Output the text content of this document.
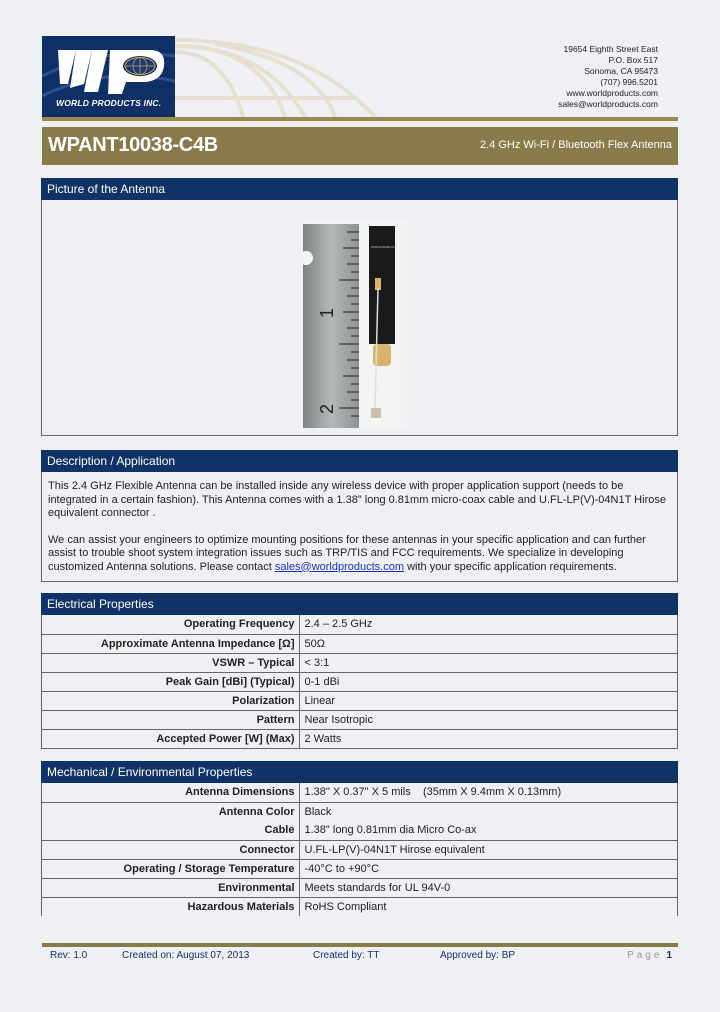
WORLD PRODUCTS INC.
19654 Eighth Street East
P.O. Box 517
Sonoma, CA 95473
(707) 996.5201
www.worldproducts.com
sales@worldproducts.com
WPANT10038-C4B	2.4 GHz Wi-Fi / Bluetooth Flex Antenna
Picture of the Antenna
1
2
WPANT10038-C4B
Description / Application

This 2.4 GHz Flexible Antenna can be installed inside any wireless device with proper application support (needs to be integrated in a certain fashion). This Antenna comes with a 1.38" long 0.81mm micro-coax cable and U.FL-LP(V)-04N1T Hirose equivalent connector .

We can assist your engineers to optimize mounting positions for these antennas in your specific application and can further assist to trouble shoot system integration issues such as TRP/TIS and FCC requirements. We specialize in developing customized Antenna solutions. Please contact sales@worldproducts.com with your specific application requirements.

Electrical Properties
Operating Frequency	2.4 – 2.5 GHz
Approximate Antenna Impedance [Ω]	50Ω
VSWR – Typical	< 3:1
Peak Gain [dBi] (Typical)	0-1 dBi
Polarization	Linear
Pattern	Near Isotropic
Accepted Power [W] (Max)	2 Watts
Mechanical / Environmental Properties
Antenna Dimensions	1.38" X 0.37" X 5 mils    (35mm X 9.4mm X 0.13mm)
Antenna Color	Black
Cable	1.38" long 0.81mm dia Micro Co-ax
Connector	U.FL-LP(V)-04N1T Hirose equivalent
Operating / Storage Temperature	-40°C to +90°C
Environmental	Meets standards for UL 94V-0
Hazardous Materials	RoHS Compliant
Rev: 1.0	Created on: August 07, 2013	Created by: TT	Approved by: BP	Page 1
